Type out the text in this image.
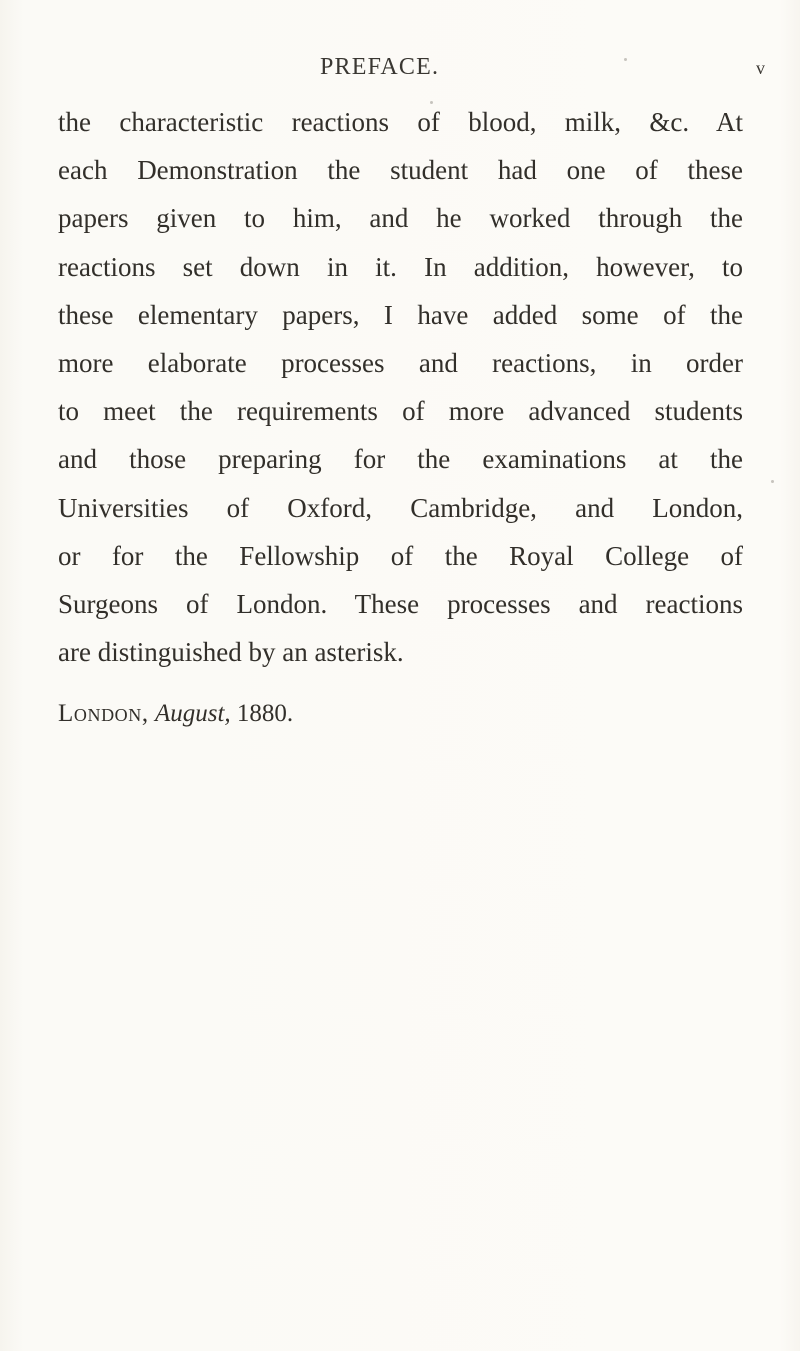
PREFACE.	v
the characteristic reactions of blood, milk, &c. At
each Demonstration the student had one of these
papers given to him, and he worked through the
reactions set down in it. In addition, however, to
these elementary papers, I have added some of the
more elaborate processes and reactions, in order
to meet the requirements of more advanced students
and those preparing for the examinations at the
Universities of Oxford, Cambridge, and London,
or for the Fellowship of the Royal College of
Surgeons of London. These processes and reactions
are distinguished by an asterisk.
London, August, 1880.
